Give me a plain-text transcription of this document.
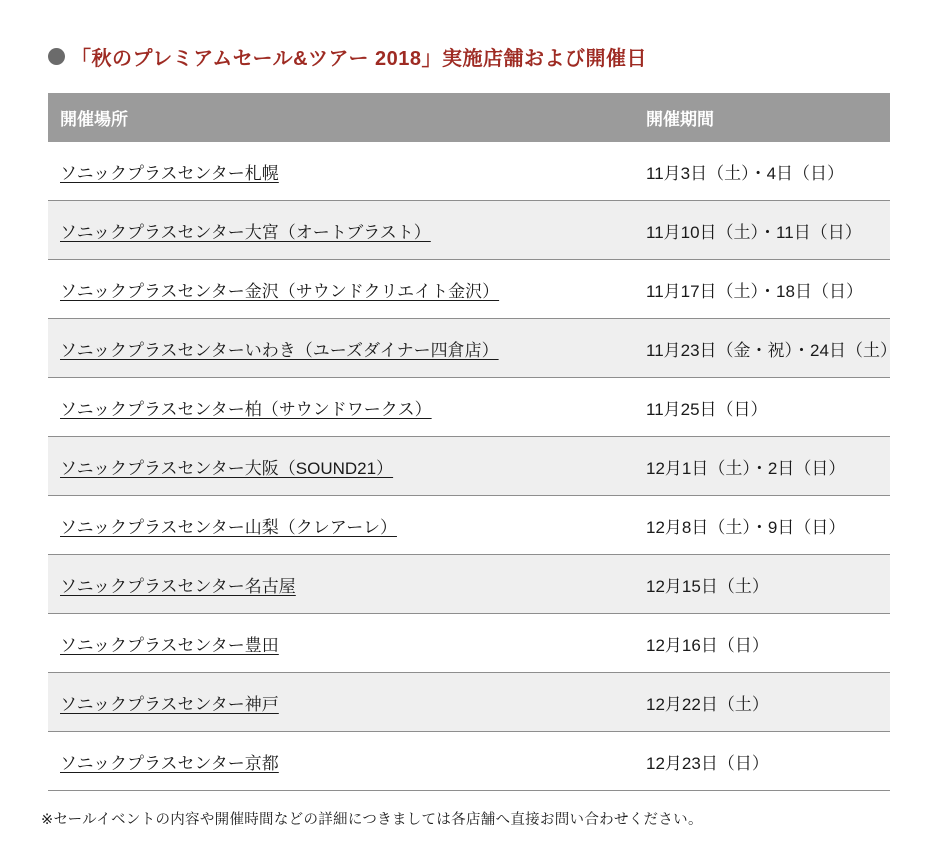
「秋のプレミアムセール&ツアー 2018」実施店舗および開催日
開催場所	開催期間
ソニックプラスセンター札幌	11月3日（土）・4日（日）
ソニックプラスセンター大宮（オートブラスト）	11月10日（土）・11日（日）
ソニックプラスセンター金沢（サウンドクリエイト金沢）	11月17日（土）・18日（日）
ソニックプラスセンターいわき（ユーズダイナー四倉店）	11月23日（金・祝）・24日（土）
ソニックプラスセンター柏（サウンドワークス）	11月25日（日）
ソニックプラスセンター大阪（SOUND21）	12月1日（土）・2日（日）
ソニックプラスセンター山梨（クレアーレ）	12月8日（土）・9日（日）
ソニックプラスセンター名古屋	12月15日（土）
ソニックプラスセンター豊田	12月16日（日）
ソニックプラスセンター神戸	12月22日（土）
ソニックプラスセンター京都	12月23日（日）
※セールイベントの内容や開催時間などの詳細につきましては各店舗へ直接お問い合わせください。
